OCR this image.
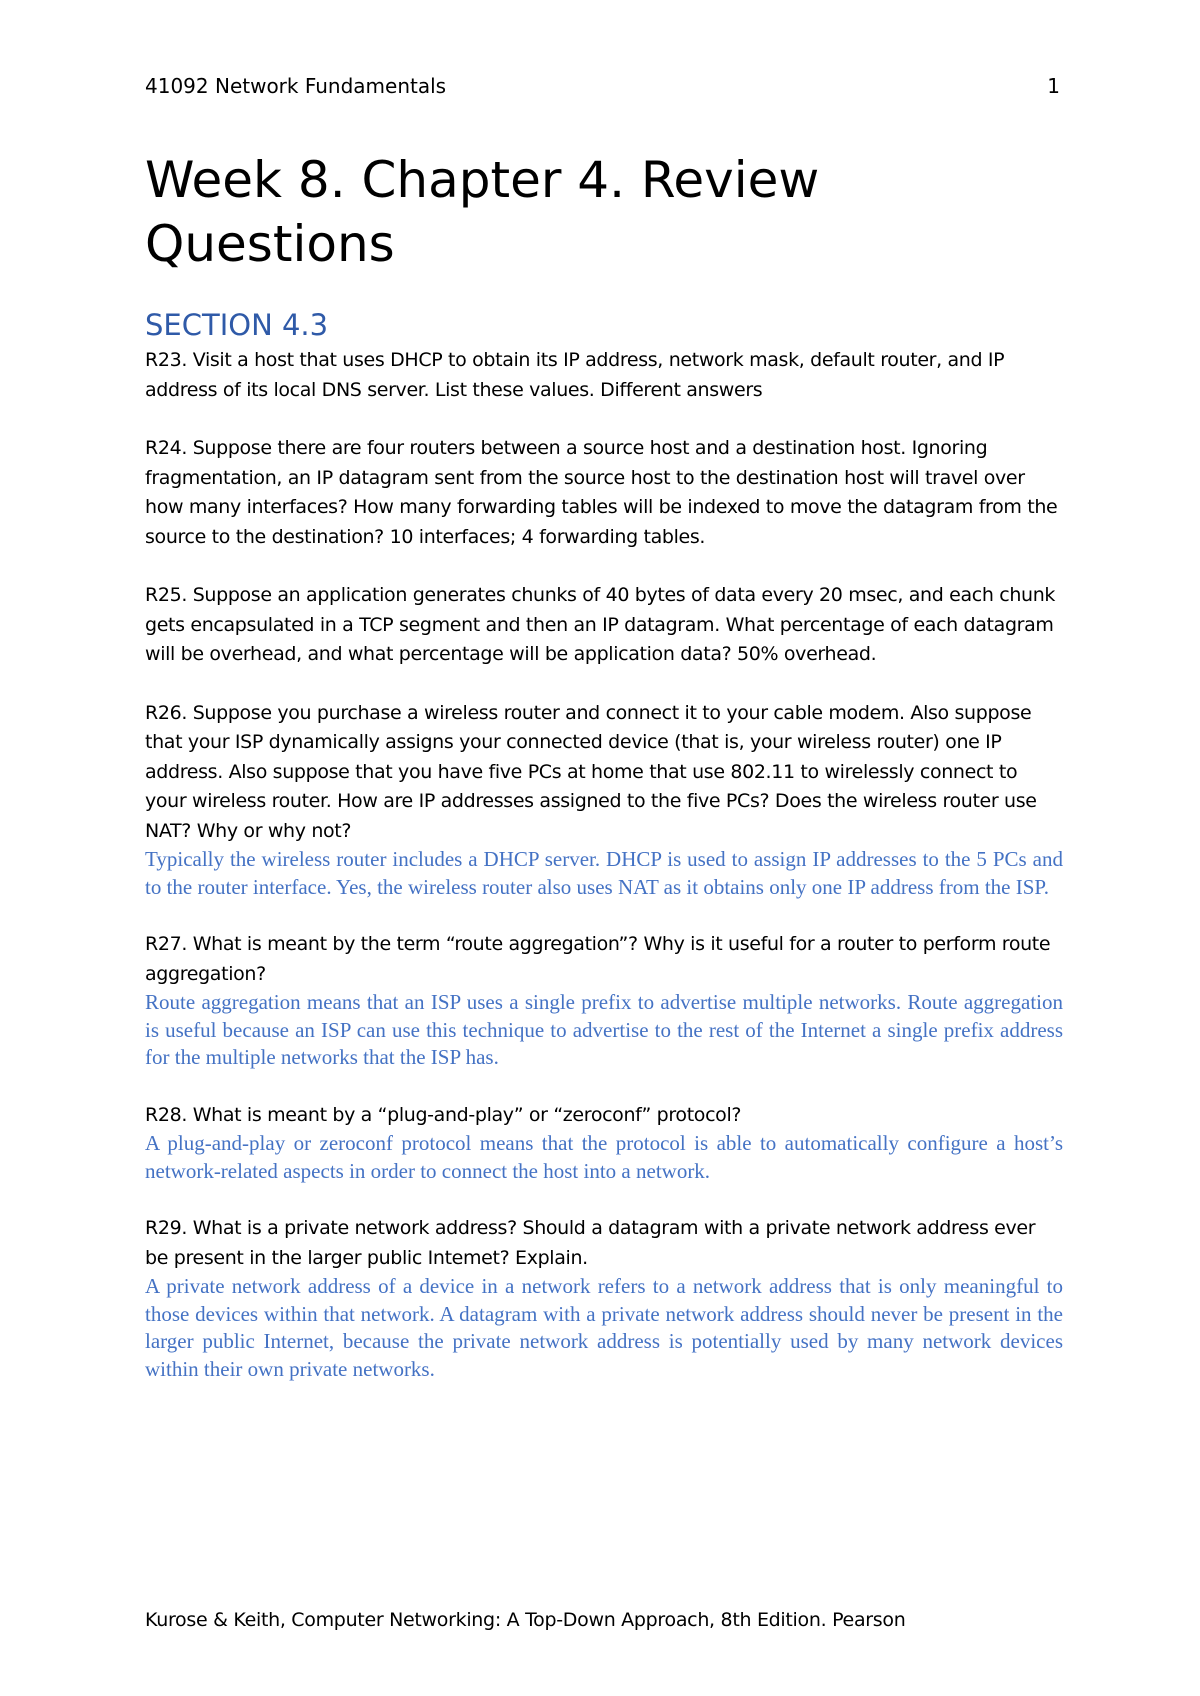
41092 Network Fundamentals	1
Week 8. Chapter 4. Review Questions
SECTION 4.3

R23. Visit a host that uses DHCP to obtain its IP address, network mask, default router, and IP address of its local DNS server. List these values. Different answers

R24. Suppose there are four routers between a source host and a destination host. Ignoring fragmentation, an IP datagram sent from the source host to the destination host will travel over how many interfaces? How many forwarding tables will be indexed to move the datagram from the source to the destination? 10 interfaces; 4 forwarding tables.

R25. Suppose an application generates chunks of 40 bytes of data every 20 msec, and each chunk gets encapsulated in a TCP segment and then an IP datagram. What percentage of each datagram will be overhead, and what percentage will be application data? 50% overhead.

R26. Suppose you purchase a wireless router and connect it to your cable modem. Also suppose that your ISP dynamically assigns your connected device (that is, your wireless router) one IP address. Also suppose that you have five PCs at home that use 802.11 to wirelessly connect to your wireless router. How are IP addresses assigned to the five PCs? Does the wireless router use NAT? Why or why not?

Typically the wireless router includes a DHCP server. DHCP is used to assign IP addresses to the 5 PCs and to the router interface. Yes, the wireless router also uses NAT as it obtains only one IP address from the ISP.

R27. What is meant by the term “route aggregation”? Why is it useful for a router to perform route aggregation?

Route aggregation means that an ISP uses a single prefix to advertise multiple networks. Route aggregation is useful because an ISP can use this technique to advertise to the rest of the Internet a single prefix address for the multiple networks that the ISP has.

R28. What is meant by a “plug-and-play” or “zeroconf” protocol?

A plug-and-play or zeroconf protocol means that the protocol is able to automatically configure a host’s network-related aspects in order to connect the host into a network.

R29. What is a private network address? Should a datagram with a private network address ever be present in the larger public Intemet? Explain.

A private network address of a device in a network refers to a network address that is only meaningful to those devices within that network. A datagram with a private network address should never be present in the larger public Internet, because the private network address is potentially used by many network devices within their own private networks.

Kurose & Keith, Computer Networking: A Top-Down Approach, 8th Edition. Pearson
